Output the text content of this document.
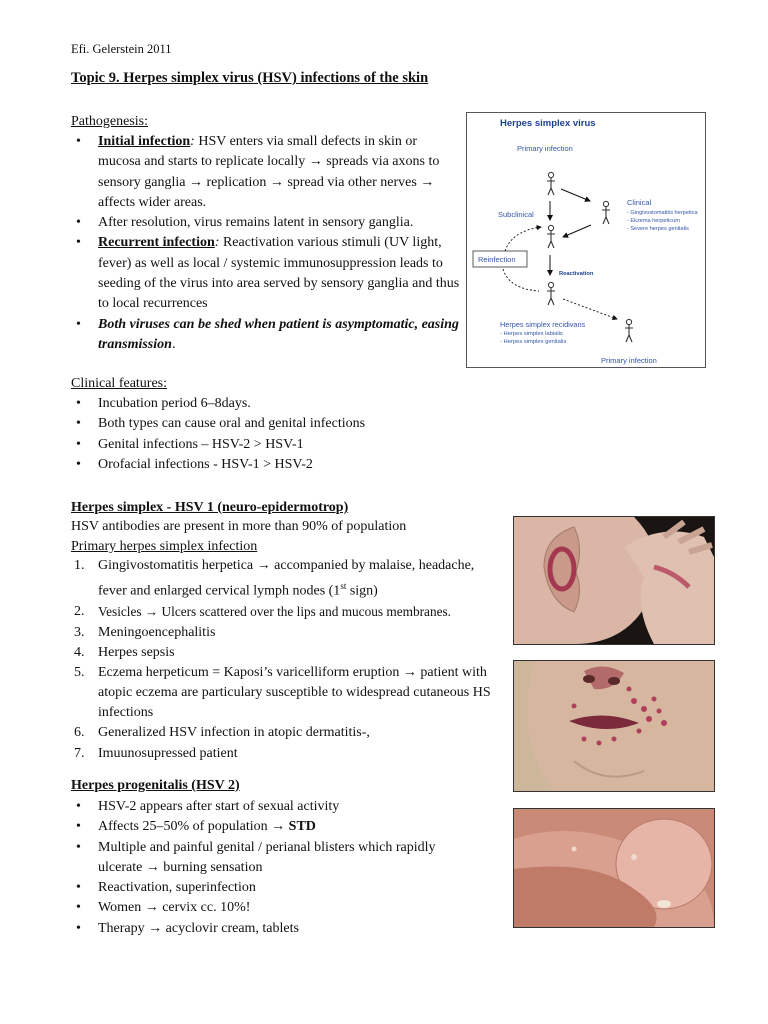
Efi. Gelerstein 2011
Topic 9. Herpes simplex virus (HSV) infections of the skin
Pathogenesis:
• Initial infection: HSV enters via small defects in skin or mucosa and starts to replicate locally → spreads via axons to sensory ganglia → replication → spread via other nerves → affects wider areas.
• After resolution, virus remains latent in sensory ganglia.
• Recurrent infection: Reactivation various stimuli (UV light, fever) as well as local / systemic immunosuppression leads to seeding of the virus into area served by sensory ganglia and thus to local recurrences
• Both viruses can be shed when patient is asymptomatic, easing transmission.
Herpes simplex virus
Primary infection
Subclinical
Clinical
- Gingivostomatitis herpetica
- Ekzema herpeticum
- Severe herpes genitalis
Reinfection
Reactivation
Herpes simplex recidivans
- Herpes simplex labialis
- Herpes simplex genitalis
Primary infection
Clinical features:
• Incubation period 6–8days.
• Both types can cause oral and genital infections
• Genital infections – HSV-2 > HSV-1
• Orofacial infections - HSV-1 > HSV-2
Herpes simplex - HSV 1 (neuro-epidermotrop)
HSV antibodies are present in more than 90% of population
Primary herpes simplex infection
1. Gingivostomatitis herpetica → accompanied by malaise, headache, fever and enlarged cervical lymph nodes (1st sign)
2. Vesicles → Ulcers scattered over the lips and mucous membranes.
3. Meningoencephalitis
4. Herpes sepsis
5. Eczema herpeticum = Kaposi’s varicelliform eruption → patient with atopic eczema are particulary susceptible to widespread cutaneous HS infections
6. Generalized HSV infection in atopic dermatitis-,
7. Imuunosupressed patient
Herpes progenitalis (HSV 2)
• HSV-2 appears after start of sexual activity
• Affects 25–50% of population → STD
• Multiple and painful genital / perianal blisters which rapidly ulcerate → burning sensation
• Reactivation, superinfection
• Women → cervix cc. 10%!
• Therapy → acyclovir cream, tablets
